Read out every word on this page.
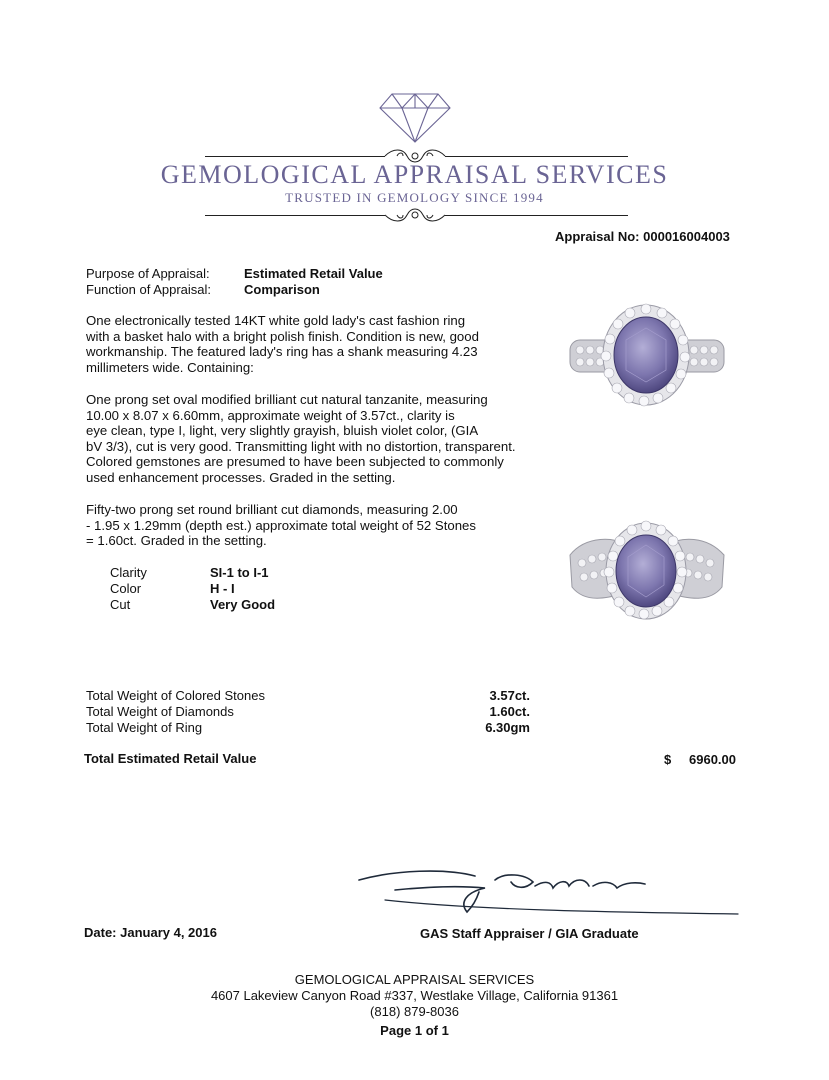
GEMOLOGICAL APPRAISAL SERVICES
TRUSTED IN GEMOLOGY SINCE 1994
Appraisal No: 000016004003
Purpose of Appraisal:	Estimated Retail Value
Function of Appraisal:	Comparison
One electronically tested 14KT white gold lady's cast fashion ring
with a basket halo with a bright polish finish. Condition is new, good
workmanship. The featured lady's ring has a shank measuring 4.23
millimeters wide. Containing:
One prong set oval modified brilliant cut natural tanzanite, measuring
10.00 x 8.07 x 6.60mm, approximate weight of 3.57ct., clarity is
eye clean, type I, light, very slightly grayish, bluish violet color, (GIA
bV 3/3), cut is very good. Transmitting light with no distortion, transparent.
Colored gemstones are presumed to have been subjected to commonly
used enhancement processes. Graded in the setting.
Fifty-two prong set round brilliant cut diamonds, measuring 2.00
- 1.95 x 1.29mm (depth est.) approximate total weight of 52 Stones
= 1.60ct. Graded in the setting.
Clarity	SI-1 to I-1
Color	H - I
Cut	Very Good
Total Weight of Colored Stones	3.57ct.
Total Weight of Diamonds	1.60ct.
Total Weight of Ring	6.30gm
Total Estimated Retail Value	$	6960.00
Date: January 4, 2016	GAS Staff Appraiser / GIA Graduate
GEMOLOGICAL APPRAISAL SERVICES
4607 Lakeview Canyon Road #337, Westlake Village, California 91361
(818) 879-8036
Page 1 of 1
